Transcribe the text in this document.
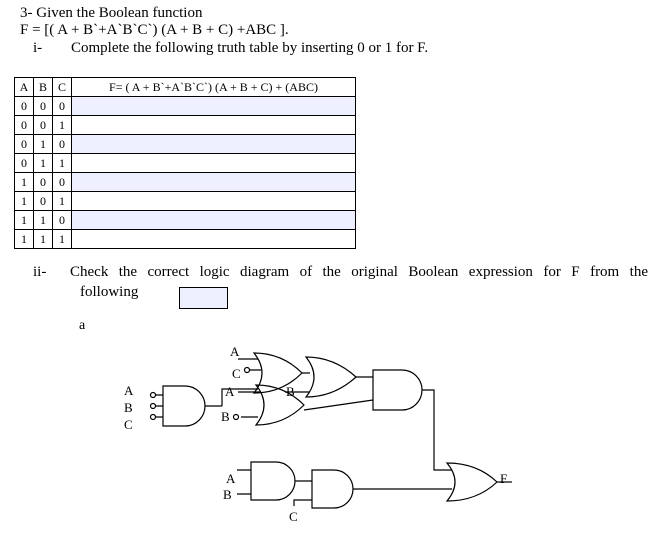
3- Given the Boolean function
F = [( A + B`+A`B`C`) (A + B + C) +ABC ].
i- Complete the following truth table by inserting 0 or 1 for F.
A	B	C	F= ( A + B`+A`B`C`) (A + B + C) + (ABC)
0	0	0	
0	0	1	
0	1	0	
0	1	1	
1	0	0	
1	0	1	
1	1	0	
1	1	1	
ii- Check the correct logic diagram of the original Boolean expression for F from the
following
a
A
B
C
A
C
A
B
B
A
B
C
F
